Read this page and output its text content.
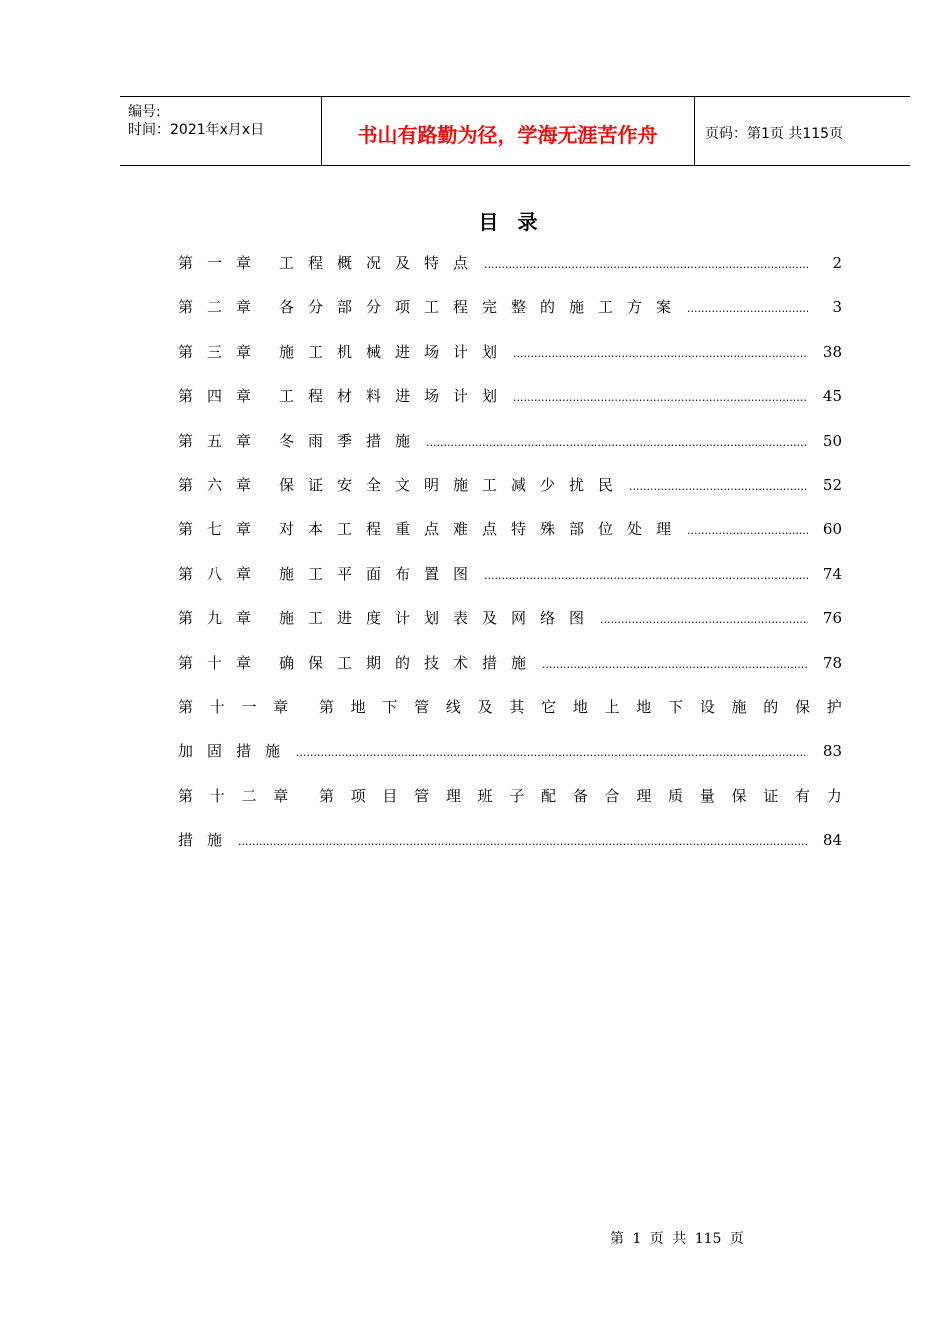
编号:
时间：2021年x月x日	书山有路勤为径，学海无涯苦作舟	页码：第1页 共115页
目 录
第一章 工程概况及特点 .....	2
第二章 各分部分项工程完整的施工方案 .....	3
第三章 施工机械进场计划 .....	38
第四章 工程材料进场计划 .....	45
第五章 冬雨季措施 .....	50
第六章 保证安全文明施工减少扰民 .....	52
第七章 对本工程重点难点特殊部位处理 .....	60
第八章 施工平面布置图 .....	74
第九章 施工进度计划表及网络图 .....	76
第十章 确保工期的技术措施 .....	78
第 十 一 章 第 地 下 管 线 及 其 它 地 上 地 下 设 施 的 保 护
加固措施 .....	83
第 十 二 章 第 项 目 管 理 班 子 配 备 合 理 质 量 保 证 有 力
措施 .....	84
第 1 页 共 115 页
